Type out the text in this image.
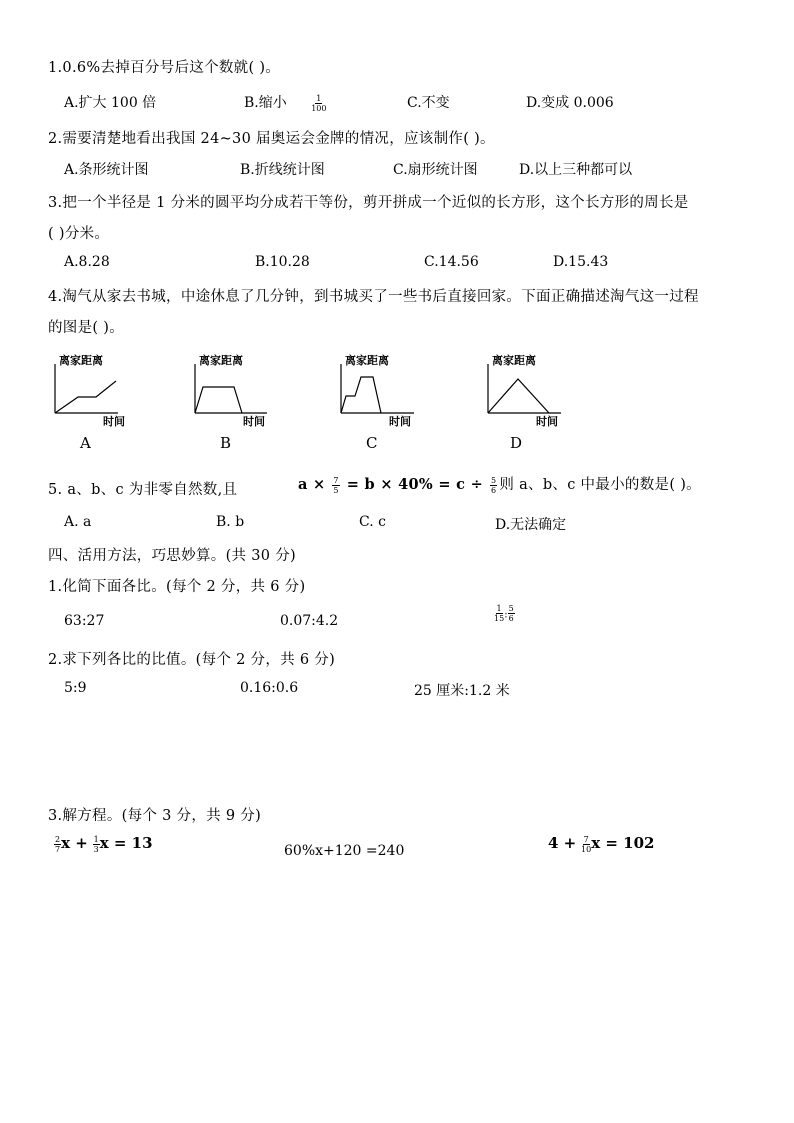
1.0.6%去掉百分号后这个数就( )。
A.扩大 100 倍	B.缩小	$\frac{1}{100}$	C.不变	D.变成 0.006
2.需要清楚地看出我国 24~30 届奥运会金牌的情况，应该制作( )。
A.条形统计图	B.折线统计图	C.扇形统计图	D.以上三种都可以
3.把一个半径是 1 分米的圆平均分成若干等份，剪开拼成一个近似的长方形，这个长方形的周长是
( )分米。
A.8.28	B.10.28	C.14.56	D.15.43
4.淘气从家去书城，中途休息了几分钟，到书城买了一些书后直接回家。下面正确描述淘气这一过程
的图是( )。
离家距离
时间
A
离家距离
时间
B
离家距离
时间
C
离家距离
时间
D
5. a、b、c 为非零自然数,且	$a \times \frac{7}{5} = b \times 40\% = c \div \frac{5}{6}$ 则 a、b、c 中最小的数是( )。
A. a	B. b	C. c	D.无法确定
四、活用方法，巧思妙算。(共 30 分)
1.化简下面各比。(每个 2 分，共 6 分)
63:27	0.07:4.2	$\frac{1}{15}$ : $\frac{5}{6}$
2.求下列各比的比值。(每个 2 分，共 6 分)
5:9	0.16:0.6	25 厘米:1.2 米
3.解方程。(每个 3 分，共 9 分)
$\frac{2}{7}$ $x + \frac{1}{3}$ x = 13	60%x+120 =240	$4 + \frac{7}{10}$ x = 102
